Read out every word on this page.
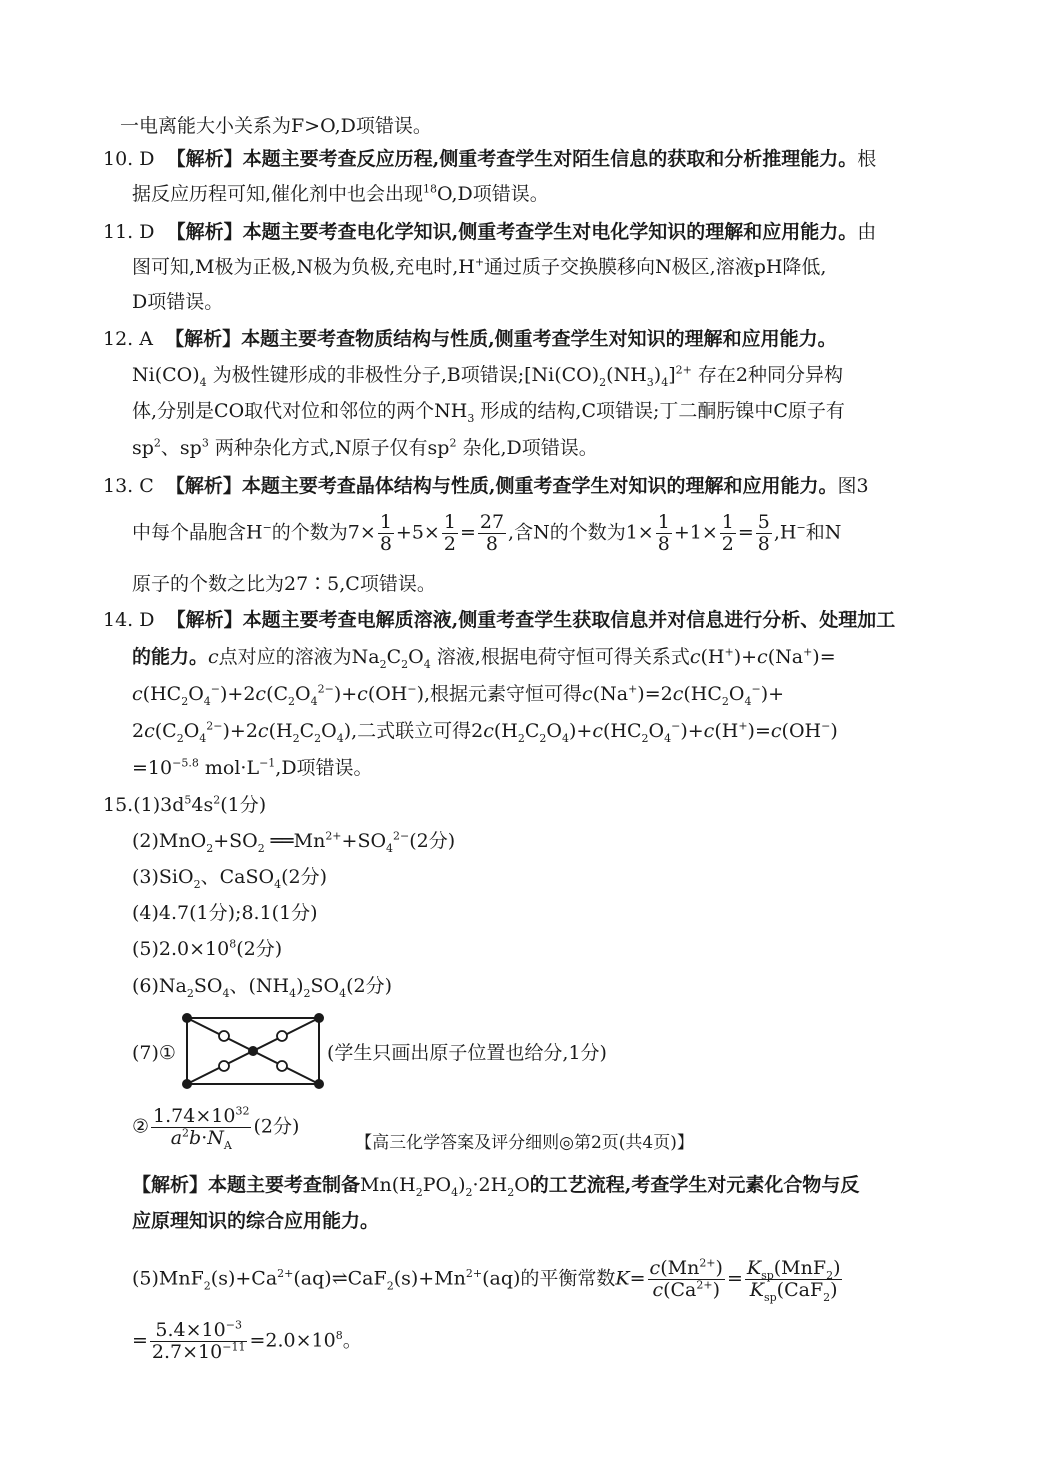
一电离能大小关系为F>O,D项错误。
10. D  【解析】本题主要考查反应历程,侧重考查学生对陌生信息的获取和分析推理能力。根
据反应历程可知,催化剂中也会出现$^{18}$O,D项错误。
11. D  【解析】本题主要考查电化学知识,侧重考查学生对电化学知识的理解和应用能力。由
图可知,M极为正极,N极为负极,充电时,H+通过质子交换膜移向N极区,溶液pH降低,
D项错误。
12. A  【解析】本题主要考查物质结构与性质,侧重考查学生对知识的理解和应用能力。
$Ni(CO)_4$ 为极性键形成的非极性分子,B项错误$;[Ni(CO)_2(NH_3)_4]^{2+}$ 存在2种同分异构
体,分别是CO取代对位和邻位的两个$NH_3$ 形成的结构,C项错误;丁二酮肟镍中C原子有
$sp^2$、$sp^3$ 两种杂化方式,N原子仅有$sp^2$ 杂化,D项错误。
13. C  【解析】本题主要考查晶体结构与性质,侧重考查学生对知识的理解和应用能力。图3
中每个晶胞含H−的个数为$7\times \frac{1}{8} +5\times \frac{1}{2} = \frac{27}{8}$ ,含N的个数为$1\times \frac{1}{8} +1\times \frac{1}{2} = \frac{5}{8} ,H^-$和N
原子的个数之比为27∶5,C项错误。
14. D  【解析】本题主要考查电解质溶液,侧重考查学生获取信息并对信息进行分析、处理加工
的能力。c点对应的溶液为$Na_2C_2O_4$ 溶液,根据电荷守恒可得关系式c(H+)+c(Na+)=
$c(HC_2O_4^-)+2c(C_2O_4^{2-})+c(OH^-)$,根据元素守恒可得$c(Na^+)=2c(HC_2O_4^-)+$
$2c(C_2O_4^{2-})+2c(H_2C_2O_4)$,二式联立可得$2c(H_2C_2O_4)+c(HC_2O_4^-)+c(H^+)=c(OH^-)$
$=10^{-5.8}$ $mol\cdot L^{-1},D$项错误。
$15.(1)3d^54s^2(1$分)
$(2)MnO_2+SO_2$ $══Mn^{2+}+SO_4^{2-}(2$分)
(3)SiO$_2$、CaSO$_4$(2分)
(4)4.7(1分);8.1(1分)
$(5)2.0\times 10^8(2$分)
$(6)Na_2SO_4$、$(NH_4)_2SO_4(2$分)
(7)①	(学生只画出原子位置也给分,1分)
② $\frac{1.74\times 10^{32}}{a^2b\cdot N_A} (2$分)
【解析】本题主要考查制备$Mn(H_2PO_4)_2\cdot 2H_2O$的工艺流程,考查学生对元素化合物与反
应原理知识的综合应用能力。
$(5)MnF_2(s)+Ca^{2+}(aq)\rightleftharpoons CaF_2(s)+Mn^{2+}(aq)$的平衡常数$K= \frac{c(Mn^{2+})}{c(Ca^{2+})} = \frac{K_{sp}(MnF_2)}{K_{sp}(CaF_2)}$
= $\frac{5.4\times 10^{-3}}{2.7\times 10^{-11}} =2.0\times 10^8$。
【高三化学答案及评分细则◎第2页(共4页)】
